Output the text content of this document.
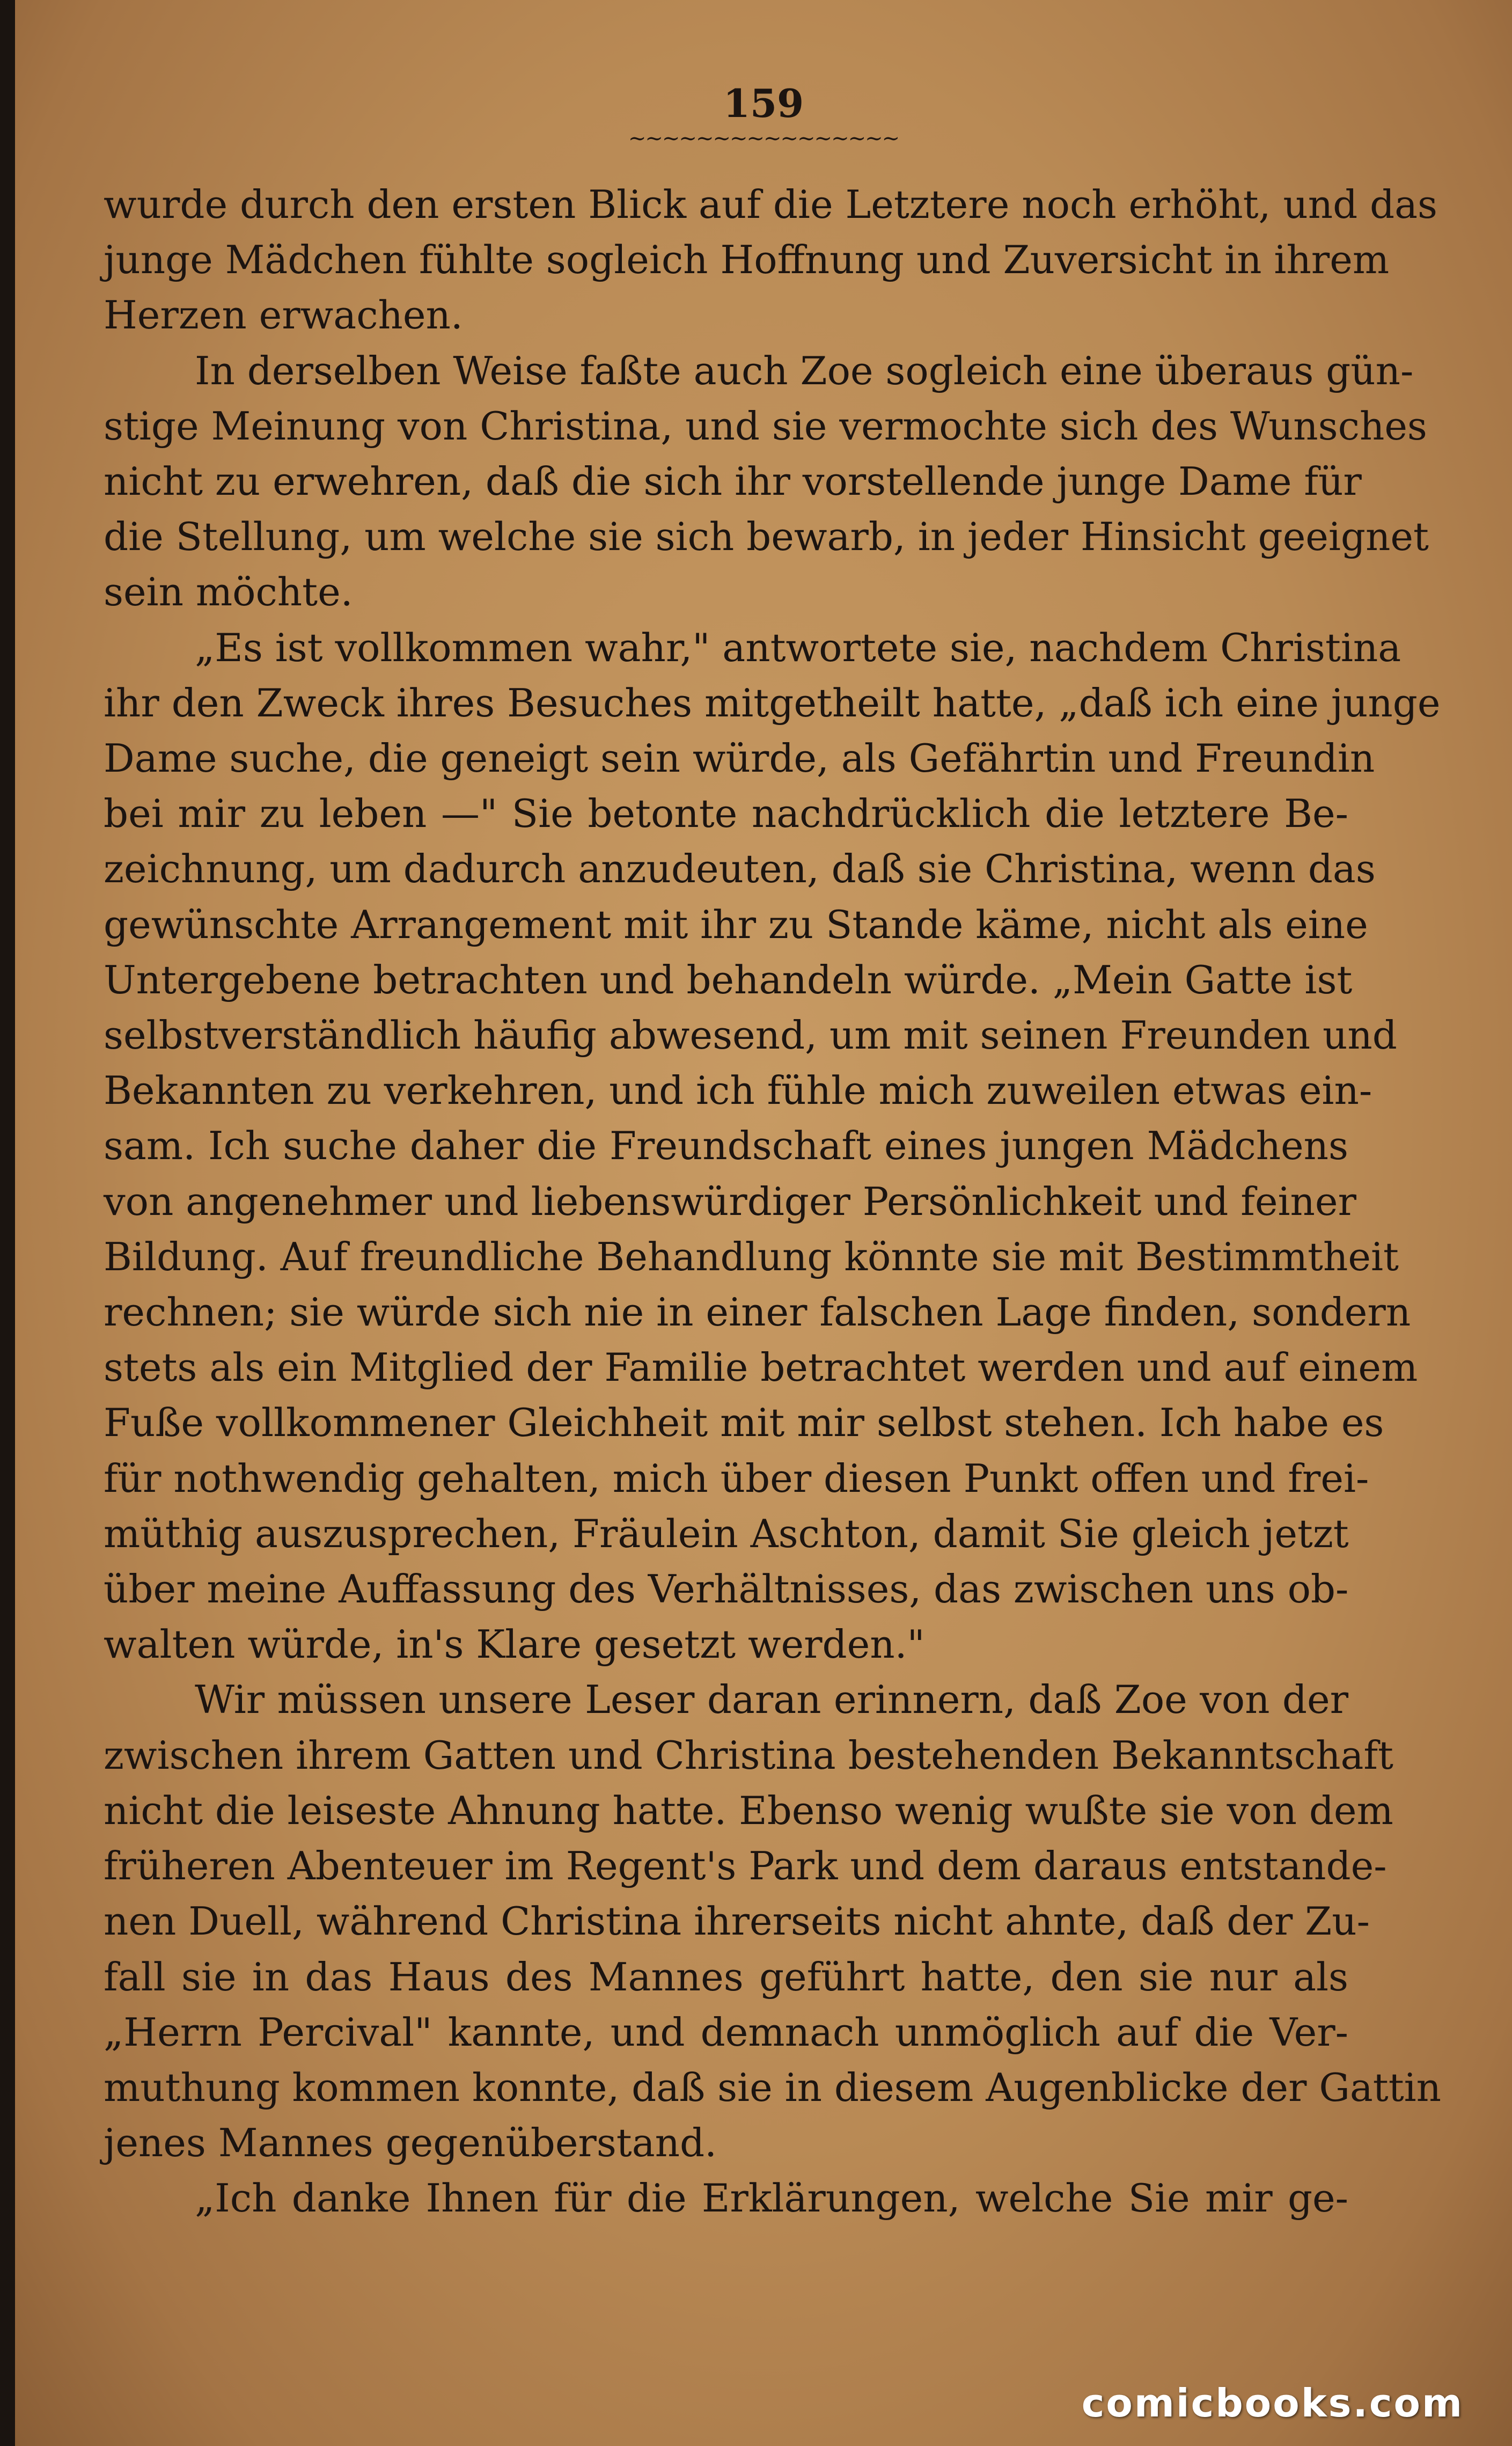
159
~~~~~~~~~~~~~~~~
wurde durch den ersten Blick auf die Letztere noch erhöht, und das
junge Mädchen fühlte sogleich Hoffnung und Zuversicht in ihrem
Herzen erwachen.
In derselben Weise faßte auch Zoe sogleich eine überaus gün-
stige Meinung von Christina, und sie vermochte sich des Wunsches
nicht zu erwehren, daß die sich ihr vorstellende junge Dame für
die Stellung, um welche sie sich bewarb, in jeder Hinsicht geeignet
sein möchte.
„Es ist vollkommen wahr," antwortete sie, nachdem Christina
ihr den Zweck ihres Besuches mitgetheilt hatte, „daß ich eine junge
Dame suche, die geneigt sein würde, als Gefährtin und Freundin
bei mir zu leben —" Sie betonte nachdrücklich die letztere Be-
zeichnung, um dadurch anzudeuten, daß sie Christina, wenn das
gewünschte Arrangement mit ihr zu Stande käme, nicht als eine
Untergebene betrachten und behandeln würde. „Mein Gatte ist
selbstverständlich häufig abwesend, um mit seinen Freunden und
Bekannten zu verkehren, und ich fühle mich zuweilen etwas ein-
sam. Ich suche daher die Freundschaft eines jungen Mädchens
von angenehmer und liebenswürdiger Persönlichkeit und feiner
Bildung. Auf freundliche Behandlung könnte sie mit Bestimmtheit
rechnen; sie würde sich nie in einer falschen Lage finden, sondern
stets als ein Mitglied der Familie betrachtet werden und auf einem
Fuße vollkommener Gleichheit mit mir selbst stehen. Ich habe es
für nothwendig gehalten, mich über diesen Punkt offen und frei-
müthig auszusprechen, Fräulein Aschton, damit Sie gleich jetzt
über meine Auffassung des Verhältnisses, das zwischen uns ob-
walten würde, in's Klare gesetzt werden."
Wir müssen unsere Leser daran erinnern, daß Zoe von der
zwischen ihrem Gatten und Christina bestehenden Bekanntschaft
nicht die leiseste Ahnung hatte. Ebenso wenig wußte sie von dem
früheren Abenteuer im Regent's Park und dem daraus entstande-
nen Duell, während Christina ihrerseits nicht ahnte, daß der Zu-
fall sie in das Haus des Mannes geführt hatte, den sie nur als
„Herrn Percival" kannte, und demnach unmöglich auf die Ver-
muthung kommen konnte, daß sie in diesem Augenblicke der Gattin
jenes Mannes gegenüberstand.
„Ich danke Ihnen für die Erklärungen, welche Sie mir ge-
comicbooks.com
